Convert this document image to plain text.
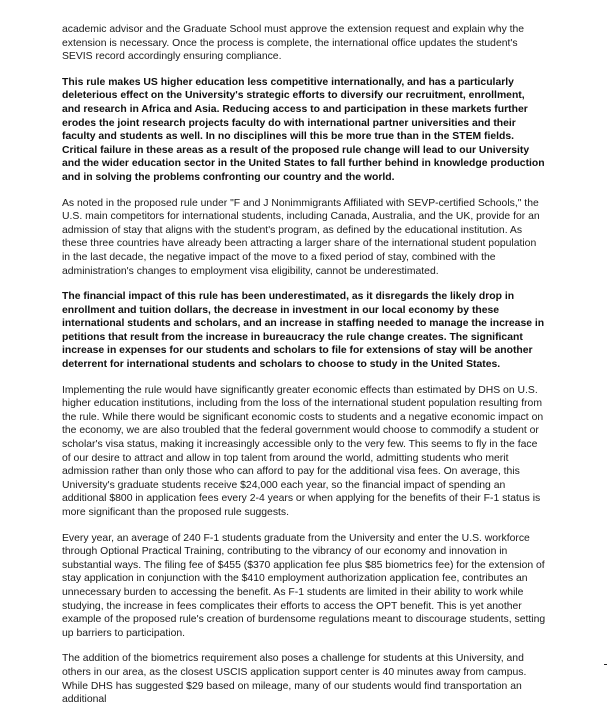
academic advisor and the Graduate School must approve the extension request and explain why the extension is necessary. Once the process is complete, the international office updates the student's SEVIS record accordingly ensuring compliance.

This rule makes US higher education less competitive internationally, and has a particularly deleterious effect on the University's strategic efforts to diversify our recruitment, enrollment, and research in Africa and Asia. Reducing access to and participation in these markets further erodes the joint research projects faculty do with international partner universities and their faculty and students as well. In no disciplines will this be more true than in the STEM fields. Critical failure in these areas as a result of the proposed rule change will lead to our University and the wider education sector in the United States to fall further behind in knowledge production and in solving the problems confronting our country and the world.

As noted in the proposed rule under "F and J Nonimmigrants Affiliated with SEVP-certified Schools," the U.S. main competitors for international students, including Canada, Australia, and the UK, provide for an admission of stay that aligns with the student's program, as defined by the educational institution. As these three countries have already been attracting a larger share of the international student population in the last decade, the negative impact of the move to a fixed period of stay, combined with the administration's changes to employment visa eligibility, cannot be underestimated.

The financial impact of this rule has been underestimated, as it disregards the likely drop in enrollment and tuition dollars, the decrease in investment in our local economy by these international students and scholars, and an increase in staffing needed to manage the increase in petitions that result from the increase in bureaucracy the rule change creates. The significant increase in expenses for our students and scholars to file for extensions of stay will be another deterrent for international students and scholars to choose to study in the United States.

Implementing the rule would have significantly greater economic effects than estimated by DHS on U.S. higher education institutions, including from the loss of the international student population resulting from the rule. While there would be significant economic costs to students and a negative economic impact on the economy, we are also troubled that the federal government would choose to commodify a student or scholar's visa status, making it increasingly accessible only to the very few. This seems to fly in the face of our desire to attract and allow in top talent from around the world, admitting students who merit admission rather than only those who can afford to pay for the additional visa fees. On average, this University's graduate students receive $24,000 each year, so the financial impact of spending an additional $800 in application fees every 2-4 years or when applying for the benefits of their F-1 status is more significant than the proposed rule suggests.

Every year, an average of 240 F-1 students graduate from the University and enter the U.S. workforce through Optional Practical Training, contributing to the vibrancy of our economy and innovation in substantial ways. The filing fee of $455 ($370 application fee plus $85 biometrics fee) for the extension of stay application in conjunction with the $410 employment authorization application fee, contributes an unnecessary burden to accessing the benefit. As F-1 students are limited in their ability to work while studying, the increase in fees complicates their efforts to access the OPT benefit. This is yet another example of the proposed rule's creation of burdensome regulations meant to discourage students, setting up barriers to participation.

The addition of the biometrics requirement also poses a challenge for students at this University, and others in our area, as the closest USCIS application support center is 40 minutes away from campus. While DHS has suggested $29 based on mileage, many of our students would find transportation an additional
